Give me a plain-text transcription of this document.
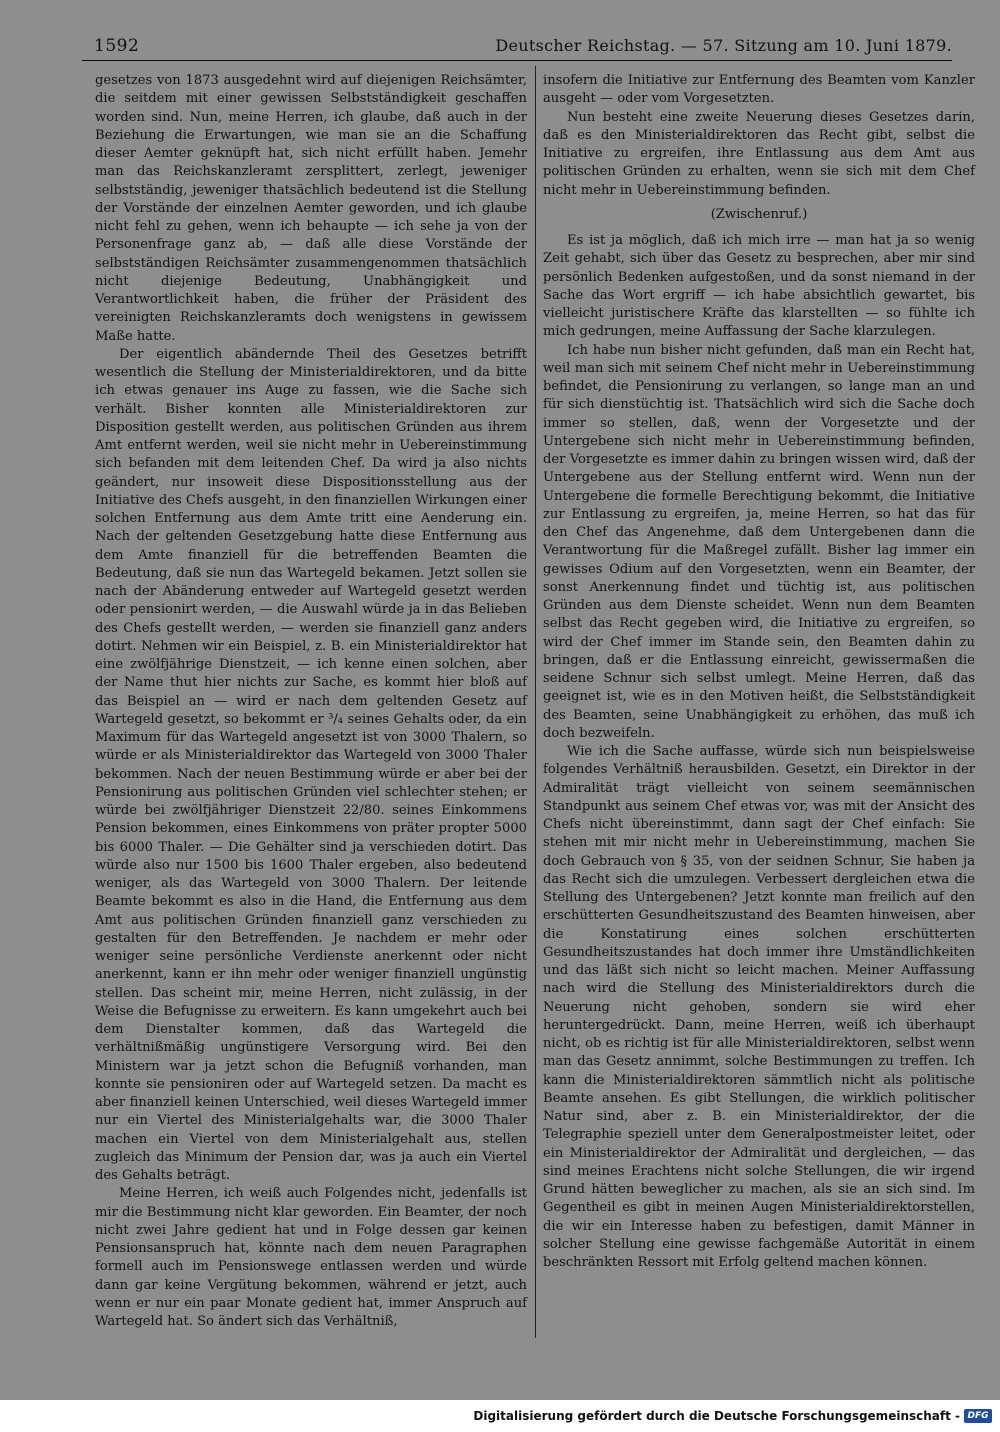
1592	Deutscher Reichstag. — 57. Sitzung am 10. Juni 1879.

gesetzes von 1873 ausgedehnt wird auf diejenigen Reichsämter, die seitdem mit einer gewissen Selbstständigkeit geschaffen worden sind. Nun, meine Herren, ich glaube, daß auch in der Beziehung die Erwartungen, wie man sie an die Schaffung dieser Aemter geknüpft hat, sich nicht erfüllt haben. Jemehr man das Reichskanzleramt zersplittert, zerlegt, jeweniger selbstständig, jeweniger thatsächlich bedeutend ist die Stellung der Vorstände der einzelnen Aemter geworden, und ich glaube nicht fehl zu gehen, wenn ich behaupte — ich sehe ja von der Personenfrage ganz ab, — daß alle diese Vorstände der selbstständigen Reichsämter zusammengenommen thatsächlich nicht diejenige Bedeutung, Unabhängigkeit und Verantwortlichkeit haben, die früher der Präsident des vereinigten Reichskanzleramts doch wenigstens in gewissem Maße hatte.

Der eigentlich abändernde Theil des Gesetzes betrifft wesentlich die Stellung der Ministerialdirektoren, und da bitte ich etwas genauer ins Auge zu fassen, wie die Sache sich verhält. Bisher konnten alle Ministerialdirektoren zur Disposition gestellt werden, aus politischen Gründen aus ihrem Amt entfernt werden, weil sie nicht mehr in Uebereinstimmung sich befanden mit dem leitenden Chef. Da wird ja also nichts geändert, nur insoweit diese Dispositionsstellung aus der Initiative des Chefs ausgeht, in den finanziellen Wirkungen einer solchen Entfernung aus dem Amte tritt eine Aenderung ein. Nach der geltenden Gesetzgebung hatte diese Entfernung aus dem Amte finanziell für die betreffenden Beamten die Bedeutung, daß sie nun das Wartegeld bekamen. Jetzt sollen sie nach der Abänderung entweder auf Wartegeld gesetzt werden oder pensionirt werden, — die Auswahl würde ja in das Belieben des Chefs gestellt werden, — werden sie finanziell ganz anders dotirt. Nehmen wir ein Beispiel, z. B. ein Ministerialdirektor hat eine zwölfjährige Dienstzeit, — ich kenne einen solchen, aber der Name thut hier nichts zur Sache, es kommt hier bloß auf das Beispiel an — wird er nach dem geltenden Gesetz auf Wartegeld gesetzt, so bekommt er ³/₄ seines Gehalts oder, da ein Maximum für das Wartegeld angesetzt ist von 3000 Thalern, so würde er als Ministerialdirektor das Wartegeld von 3000 Thaler bekommen. Nach der neuen Bestimmung würde er aber bei der Pensionirung aus politischen Gründen viel schlechter stehen; er würde bei zwölfjähriger Dienstzeit 22/80. seines Einkommens Pension bekommen, eines Einkommens von präter propter 5000 bis 6000 Thaler. — Die Gehälter sind ja verschieden dotirt. Das würde also nur 1500 bis 1600 Thaler ergeben, also bedeutend weniger, als das Wartegeld von 3000 Thalern. Der leitende Beamte bekommt es also in die Hand, die Entfernung aus dem Amt aus politischen Gründen finanziell ganz verschieden zu gestalten für den Betreffenden. Je nachdem er mehr oder weniger seine persönliche Verdienste anerkennt oder nicht anerkennt, kann er ihn mehr oder weniger finanziell ungünstig stellen. Das scheint mir, meine Herren, nicht zulässig, in der Weise die Befugnisse zu erweitern. Es kann umgekehrt auch bei dem Dienstalter kommen, daß das Wartegeld die verhältnißmäßig ungünstigere Versorgung wird. Bei den Ministern war ja jetzt schon die Befugniß vorhanden, man konnte sie pensioniren oder auf Wartegeld setzen. Da macht es aber finanziell keinen Unterschied, weil dieses Wartegeld immer nur ein Viertel des Ministerialgehalts war, die 3000 Thaler machen ein Viertel von dem Ministerialgehalt aus, stellen zugleich das Minimum der Pension dar, was ja auch ein Viertel des Gehalts beträgt.

Meine Herren, ich weiß auch Folgendes nicht, jedenfalls ist mir die Bestimmung nicht klar geworden. Ein Beamter, der noch nicht zwei Jahre gedient hat und in Folge dessen gar keinen Pensionsanspruch hat, könnte nach dem neuen Paragraphen formell auch im Pensionswege entlassen werden und würde dann gar keine Vergütung bekommen, während er jetzt, auch wenn er nur ein paar Monate gedient hat, immer Anspruch auf Wartegeld hat. So ändert sich das Verhältniß,

insofern die Initiative zur Entfernung des Beamten vom Kanzler ausgeht — oder vom Vorgesetzten.

Nun besteht eine zweite Neuerung dieses Gesetzes darin, daß es den Ministerialdirektoren das Recht gibt, selbst die Initiative zu ergreifen, ihre Entlassung aus dem Amt aus politischen Gründen zu erhalten, wenn sie sich mit dem Chef nicht mehr in Uebereinstimmung befinden.

(Zwischenruf.)

Es ist ja möglich, daß ich mich irre — man hat ja so wenig Zeit gehabt, sich über das Gesetz zu besprechen, aber mir sind persönlich Bedenken aufgestoßen, und da sonst niemand in der Sache das Wort ergriff — ich habe absichtlich gewartet, bis vielleicht juristischere Kräfte das klarstellten — so fühlte ich mich gedrungen, meine Auffassung der Sache klarzulegen.

Ich habe nun bisher nicht gefunden, daß man ein Recht hat, weil man sich mit seinem Chef nicht mehr in Uebereinstimmung befindet, die Pensionirung zu verlangen, so lange man an und für sich dienstüchtig ist. Thatsächlich wird sich die Sache doch immer so stellen, daß, wenn der Vorgesetzte und der Untergebene sich nicht mehr in Uebereinstimmung befinden, der Vorgesetzte es immer dahin zu bringen wissen wird, daß der Untergebene aus der Stellung entfernt wird. Wenn nun der Untergebene die formelle Berechtigung bekommt, die Initiative zur Entlassung zu ergreifen, ja, meine Herren, so hat das für den Chef das Angenehme, daß dem Untergebenen dann die Verantwortung für die Maßregel zufällt. Bisher lag immer ein gewisses Odium auf den Vorgesetzten, wenn ein Beamter, der sonst Anerkennung findet und tüchtig ist, aus politischen Gründen aus dem Dienste scheidet. Wenn nun dem Beamten selbst das Recht gegeben wird, die Initiative zu ergreifen, so wird der Chef immer im Stande sein, den Beamten dahin zu bringen, daß er die Entlassung einreicht, gewissermaßen die seidene Schnur sich selbst umlegt. Meine Herren, daß das geeignet ist, wie es in den Motiven heißt, die Selbstständigkeit des Beamten, seine Unabhängigkeit zu erhöhen, das muß ich doch bezweifeln.

Wie ich die Sache auffasse, würde sich nun beispielsweise folgendes Verhältniß herausbilden. Gesetzt, ein Direktor in der Admiralität trägt vielleicht von seinem seemännischen Standpunkt aus seinem Chef etwas vor, was mit der Ansicht des Chefs nicht übereinstimmt, dann sagt der Chef einfach: Sie stehen mit mir nicht mehr in Uebereinstimmung, machen Sie doch Gebrauch von § 35, von der seidnen Schnur, Sie haben ja das Recht sich die umzulegen. Verbessert dergleichen etwa die Stellung des Untergebenen? Jetzt konnte man freilich auf den erschütterten Gesundheitszustand des Beamten hinweisen, aber die Konstatirung eines solchen erschütterten Gesundheitszustandes hat doch immer ihre Umständlichkeiten und das läßt sich nicht so leicht machen. Meiner Auffassung nach wird die Stellung des Ministerialdirektors durch die Neuerung nicht gehoben, sondern sie wird eher heruntergedrückt. Dann, meine Herren, weiß ich überhaupt nicht, ob es richtig ist für alle Ministerialdirektoren, selbst wenn man das Gesetz annimmt, solche Bestimmungen zu treffen. Ich kann die Ministerialdirektoren sämmtlich nicht als politische Beamte ansehen. Es gibt Stellungen, die wirklich politischer Natur sind, aber z. B. ein Ministerialdirektor, der die Telegraphie speziell unter dem Generalpostmeister leitet, oder ein Ministerialdirektor der Admiralität und dergleichen, — das sind meines Erachtens nicht solche Stellungen, die wir irgend Grund hätten beweglicher zu machen, als sie an sich sind. Im Gegentheil es gibt in meinen Augen Ministerialdirektorstellen, die wir ein Interesse haben zu befestigen, damit Männer in solcher Stellung eine gewisse fachgemäße Autorität in einem beschränkten Ressort mit Erfolg geltend machen können.

Digitalisierung gefördert durch die Deutsche Forschungsgemeinschaft - DFG
